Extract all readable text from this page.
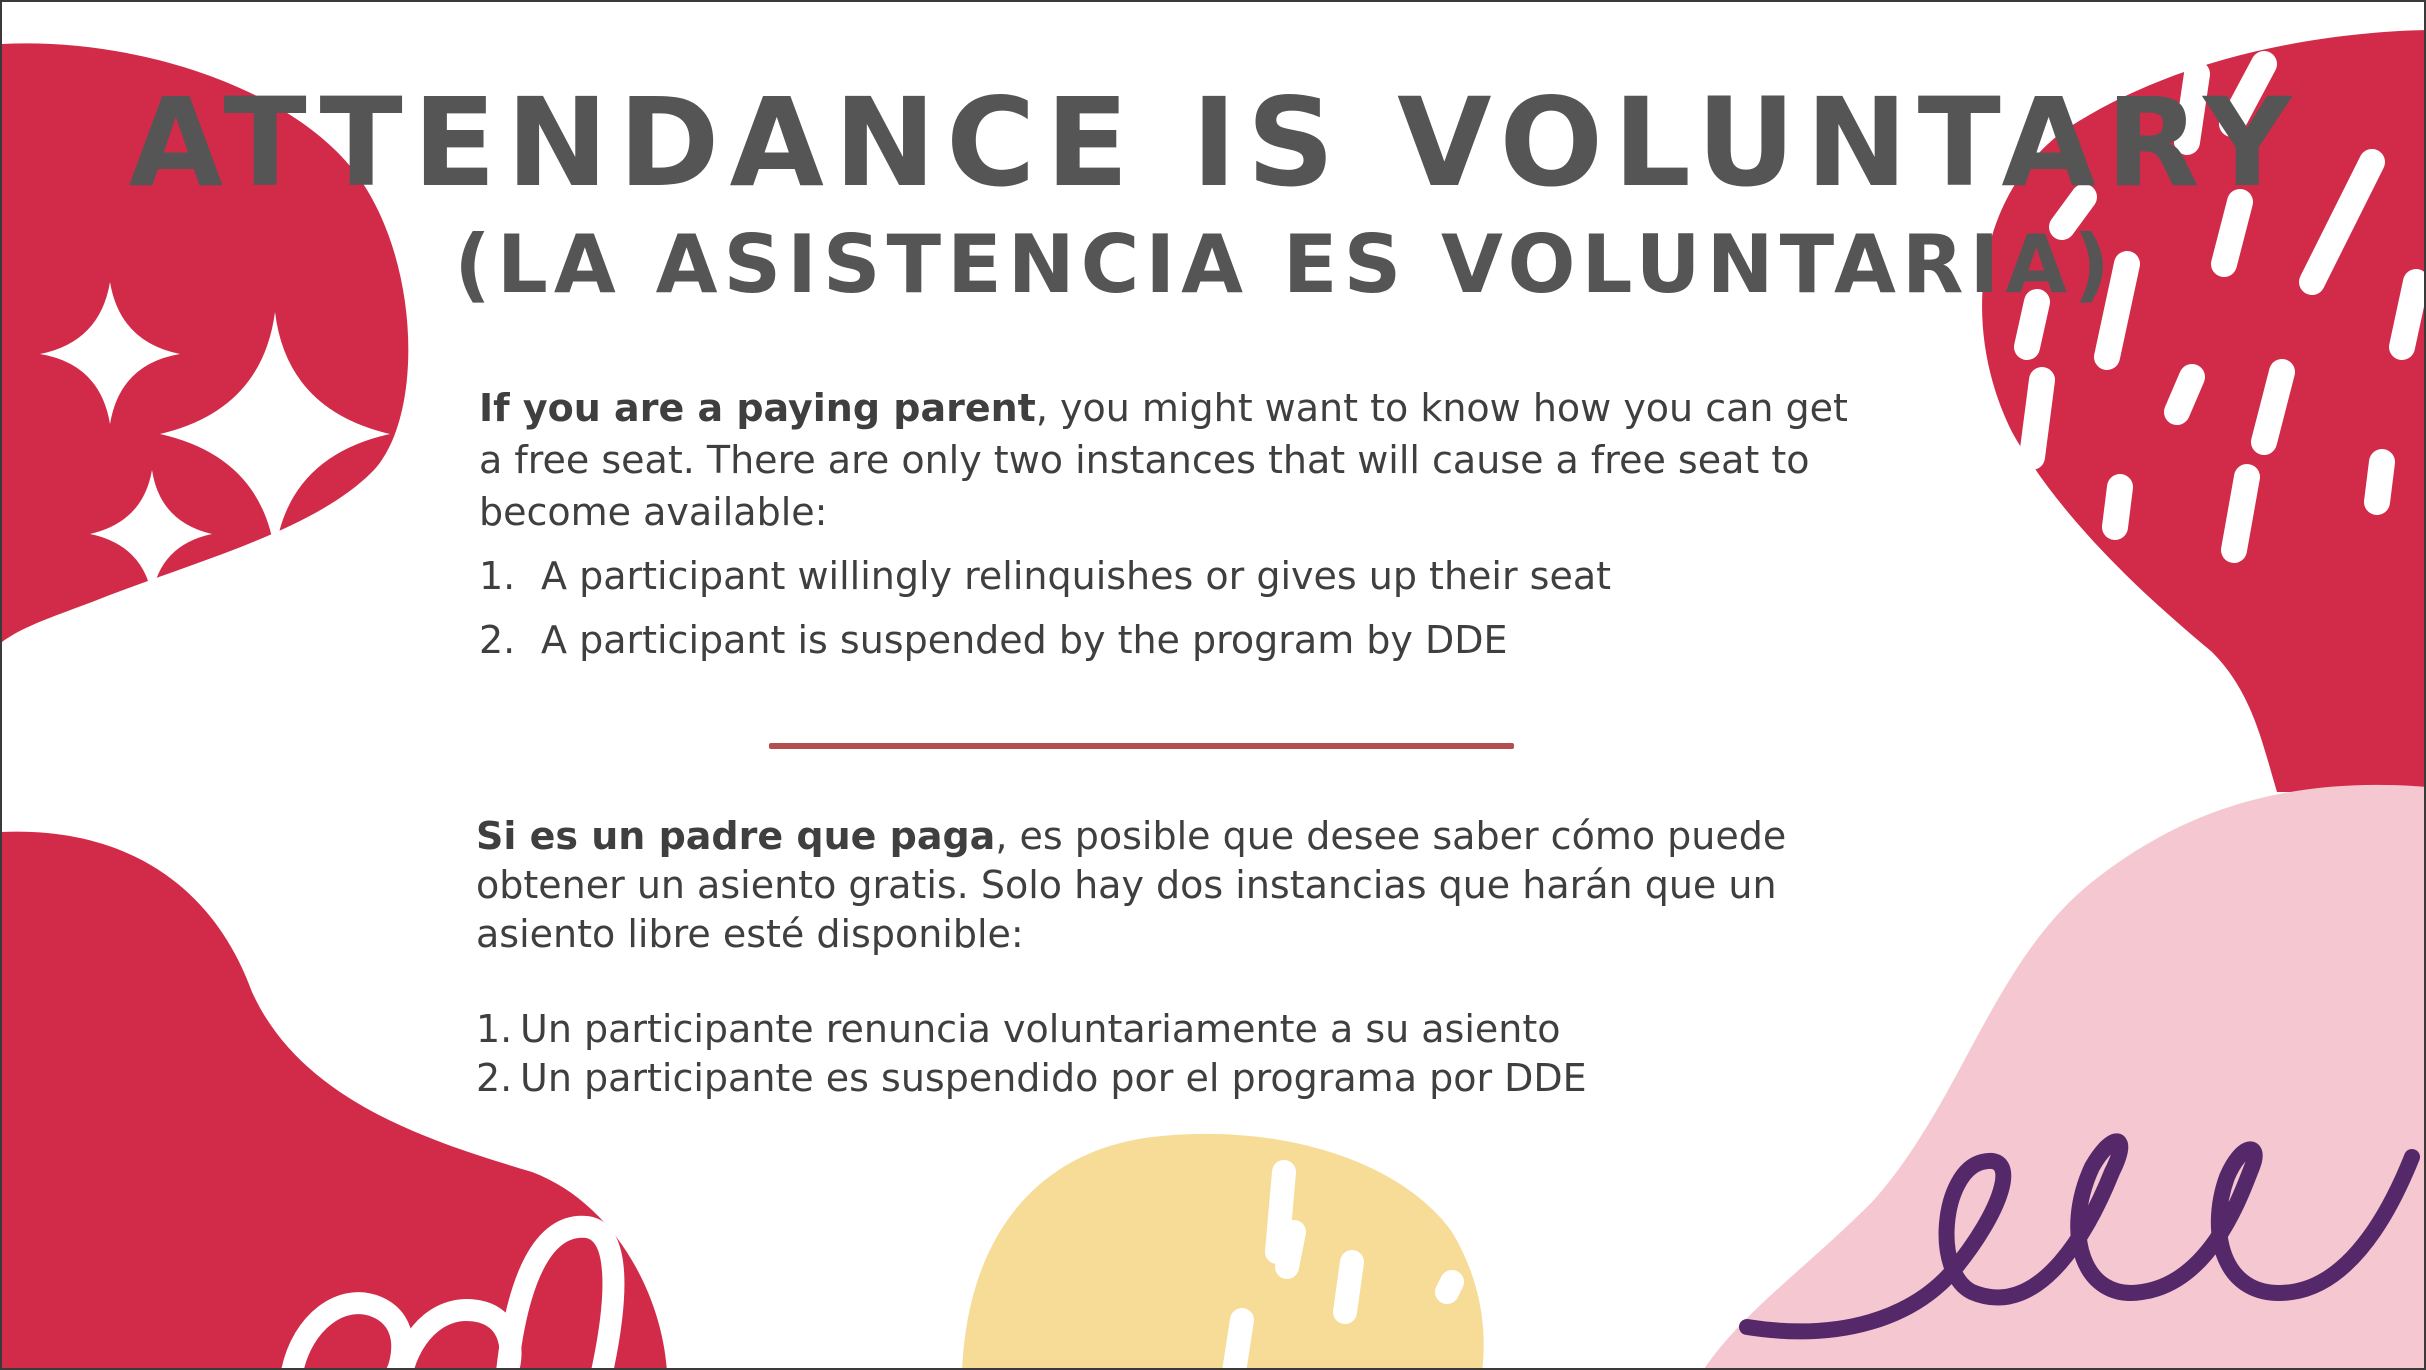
ATTENDANCE IS VOLUNTARY
(LA ASISTENCIA ES VOLUNTARIA)

If you are a paying parent, you might want to know how you can get a free seat. There are only two instances that will cause a free seat to become available:

1. A participant willingly relinquishes or gives up their seat
2. A participant is suspended by the program by DDE

Si es un padre que paga, es posible que desee saber cómo puede obtener un asiento gratis. Solo hay dos instancias que harán que un asiento libre esté disponible:

1. Un participante renuncia voluntariamente a su asiento
2. Un participante es suspendido por el programa por DDE
